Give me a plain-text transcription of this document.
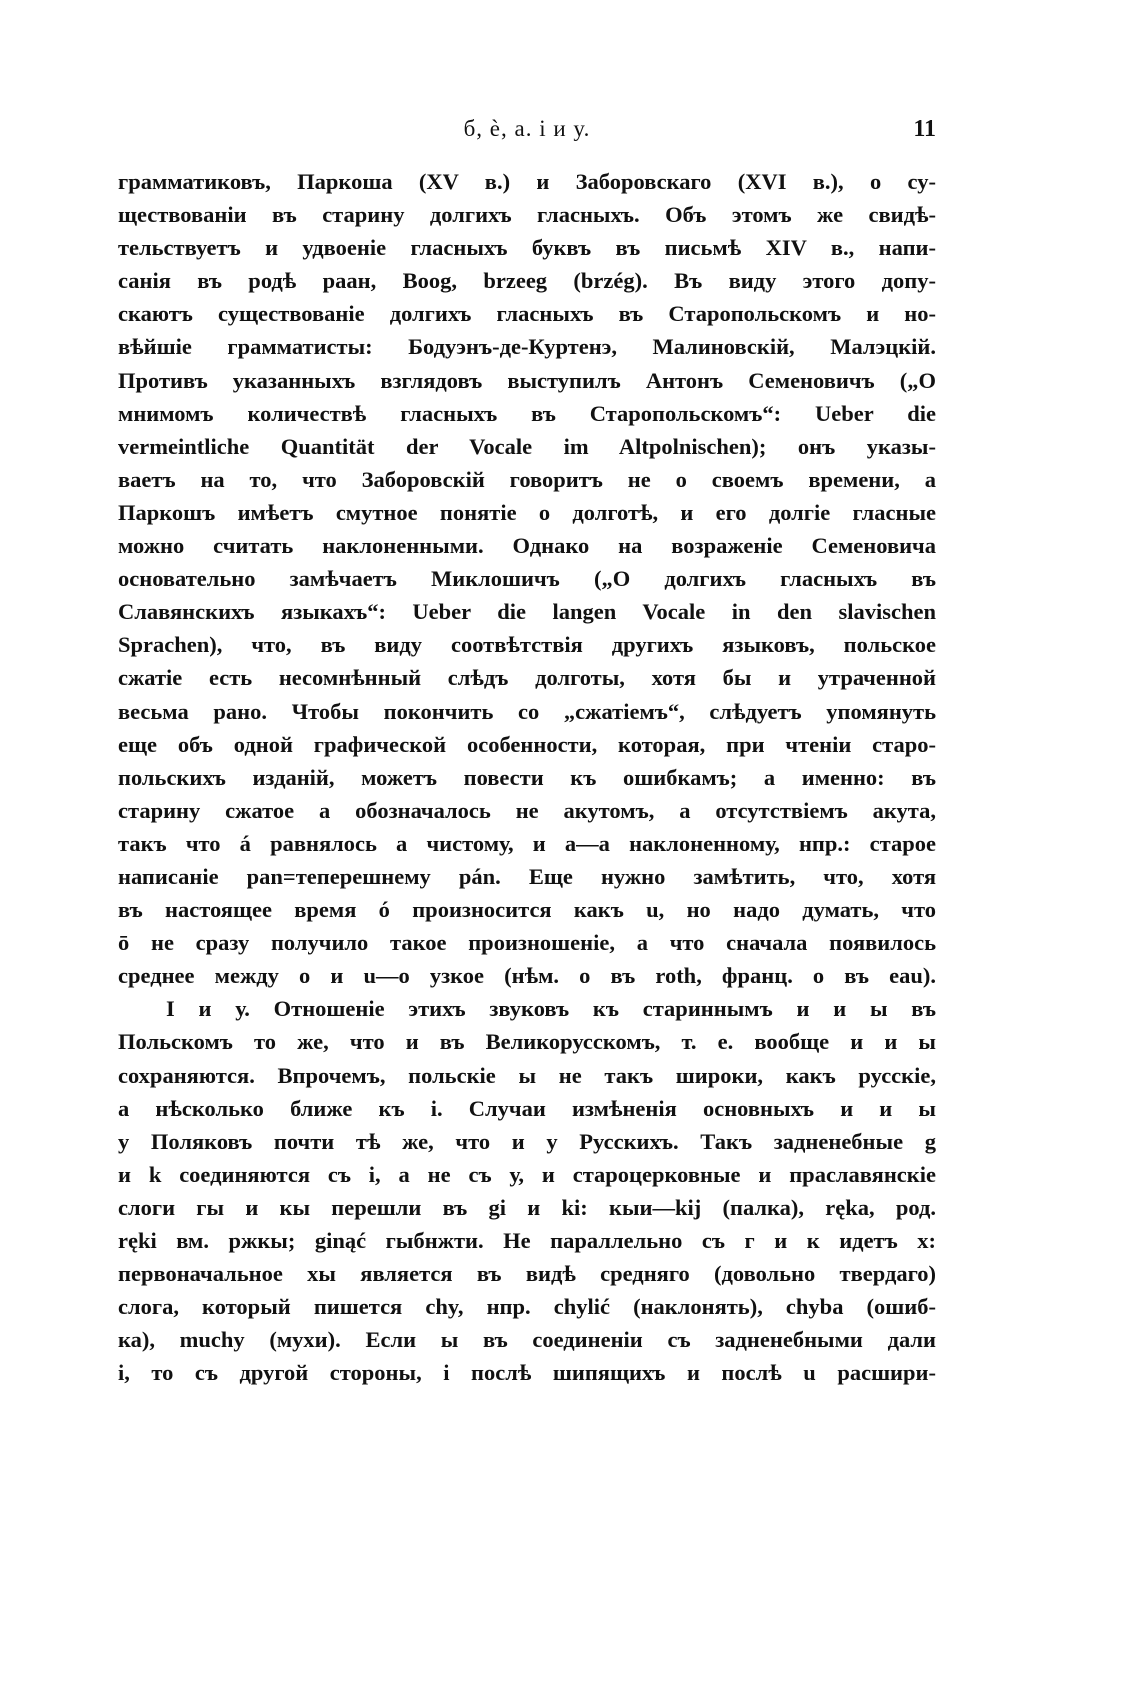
б, ѐ, а. і и у.	11
грамматиковъ, Паркоша (XV в.) и Заборовскаго (XVI в.), о су-
ществованіи въ старину долгихъ гласныхъ. Объ этомъ же свидѣ-
тельствуетъ и удвоеніе гласныхъ буквъ въ письмѣ XIV в., напи-
санія въ родѣ раан, Boog, brzeeg (brzég). Въ виду этого допу-
скаютъ существованіе долгихъ гласныхъ въ Старопольскомъ и но-
вѣйшіе грамматисты: Бодуэнъ-де-Куртенэ, Малиновскій, Малэцкій.
Противъ указанныхъ взглядовъ выступилъ Антонъ Семеновичъ („О
мнимомъ количествѣ гласныхъ въ Старопольскомъ“: Ueber die
vermeintliche Quantität der Vocale im Altpolnischen); онъ указы-
ваетъ на то, что Заборовскій говоритъ не о своемъ времени, а
Паркошъ имѣетъ смутное понятіе о долготѣ, и его долгіе гласные
можно считать наклоненными. Однако на возраженіе Семеновича
основательно замѣчаетъ Миклошичъ („О долгихъ гласныхъ въ
Славянскихъ языкахъ“: Ueber die langen Vocale in den slavischen
Sprachen), что, въ виду соотвѣтствія другихъ языковъ, польское
сжатіе есть несомнѣнный слѣдъ долготы, хотя бы и утраченной
весьма рано. Чтобы покончить со „сжатіемъ“, слѣдуетъ упомянуть
еще объ одной графической особенности, которая, при чтеніи старо-
польскихъ изданій, можетъ повести къ ошибкамъ; а именно: въ
старину сжатое а обозначалось не акутомъ, а отсутствіемъ акута,
такъ что á равнялось а чистому, и а—а наклоненному, нпр.: старое
написаніе pan=теперешнему pán. Еще нужно замѣтить, что, хотя
въ настоящее время ó произносится какъ u, но надо думать, что
ō не сразу получило такое произношеніе, а что сначала появилось
среднее между о и u—о узкое (нѣм. о въ roth, франц. о въ eau).
I и у. Отношеніе этихъ звуковъ къ стариннымъ и и ы въ
Польскомъ то же, что и въ Великорусскомъ, т. е. вообще и и ы
сохраняются. Впрочемъ, польскіе ы не такъ широки, какъ русскіе,
а нѣсколько ближе къ і. Случаи измѣненія основныхъ и и ы
у Поляковъ почти тѣ же, что и у Русскихъ. Такъ задненебные g
и k соединяются съ і, а не съ у, и староцерковные и праславянскіе
слоги гы и кы перешли въ gi и ki: кыи—kij (палка), ręka, род.
ręki вм. ржкы; ginąć гыбнжти. Не параллельно съ г и к идетъ x:
первоначальное хы является въ видѣ средняго (довольно твердаго)
слога, который пишется chy, нпр. chylić (наклонять), chyba (ошиб-
ка), muchy (мухи). Если ы въ соединеніи съ задненебными дали
і, то съ другой стороны, і послѣ шипящихъ и послѣ u расшири-
